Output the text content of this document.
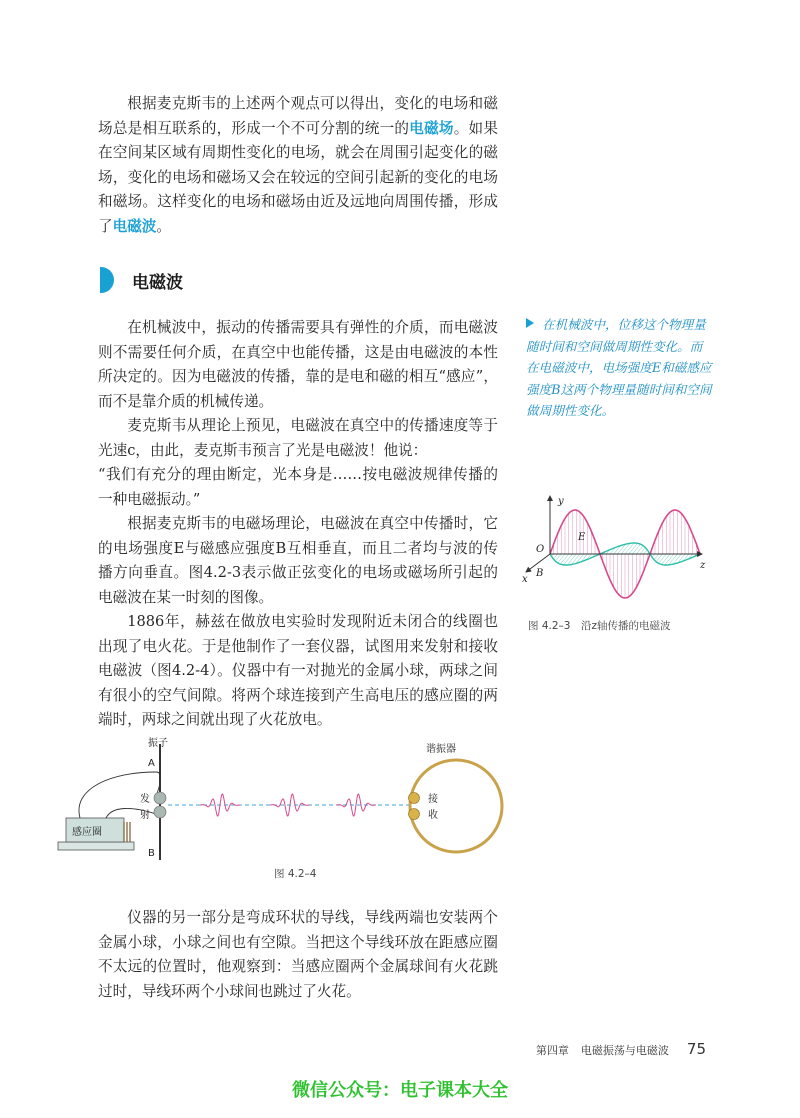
根据麦克斯韦的上述两个观点可以得出，变化的电场和磁场总是相互联系的，形成一个不可分割的统一的电磁场。如果在空间某区域有周期性变化的电场，就会在周围引起变化的磁场，变化的电场和磁场又会在较远的空间引起新的变化的电场和磁场。这样变化的电场和磁场由近及远地向周围传播，形成了电磁波。

电磁波

在机械波中，振动的传播需要具有弹性的介质，而电磁波则不需要任何介质，在真空中也能传播，这是由电磁波的本性所决定的。因为电磁波的传播，靠的是电和磁的相互“感应”，而不是靠介质的机械传递。

麦克斯韦从理论上预见，电磁波在真空中的传播速度等于光速c，由此，麦克斯韦预言了光是电磁波！他说：

“我们有充分的理由断定，光本身是……按电磁波规律传播的一种电磁振动。”

根据麦克斯韦的电磁场理论，电磁波在真空中传播时，它的电场强度E与磁感应强度B互相垂直，而且二者均与波的传播方向垂直。图4.2-3表示做正弦变化的电场或磁场所引起的电磁波在某一时刻的图像。

1886年，赫兹在做放电实验时发现附近未闭合的线圈也出现了电火花。于是他制作了一套仪器，试图用来发射和接收电磁波（图4.2-4）。仪器中有一对抛光的金属小球，两球之间有很小的空气间隙。将两个球连接到产生高电压的感应圈的两端时，两球之间就出现了火花放电。

在机械波中，位移这个物理量随时间和空间做周期性变化。而在电磁波中，电场强度E和磁感应强度B这两个物理量随时间和空间做周期性变化。
y
x
z
O
E
B
图 4.2–3　沿z轴传播的电磁波
感应圈
振子
A
B
发
射
谐振器
接
收
图 4.2–4

仪器的另一部分是弯成环状的导线，导线两端也安装两个金属小球，小球之间也有空隙。当把这个导线环放在距感应圈不太远的位置时，他观察到：当感应圈两个金属球间有火花跳过时，导线环两个小球间也跳过了火花。

第四章 电磁振荡与电磁波 75
微信公众号：电子课本大全
